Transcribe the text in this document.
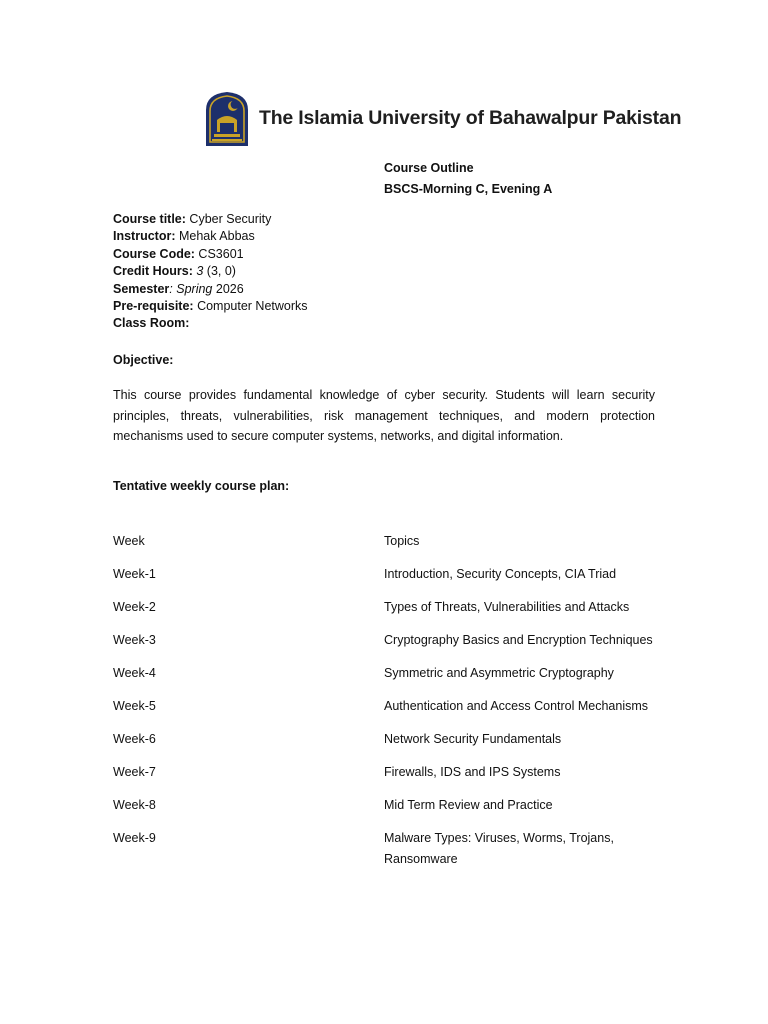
The Islamia University of Bahawalpur Pakistan
Course Outline
BSCS-Morning C, Evening A
Course title: Cyber Security
Instructor: Mehak Abbas
Course Code: CS3601
Credit Hours: 3 (3, 0)
Semester: Spring 2026
Pre-requisite: Computer Networks
Class Room:
Objective:
This course provides fundamental knowledge of cyber security. Students will learn security principles, threats, vulnerabilities, risk management techniques, and modern protection mechanisms used to secure computer systems, networks, and digital information.
Tentative weekly course plan:
Week	Topics
Week-1	Introduction, Security Concepts, CIA Triad
Week-2	Types of Threats, Vulnerabilities and Attacks
Week-3	Cryptography Basics and Encryption Techniques
Week-4	Symmetric and Asymmetric Cryptography
Week-5	Authentication and Access Control Mechanisms
Week-6	Network Security Fundamentals
Week-7	Firewalls, IDS and IPS Systems
Week-8	Mid Term Review and Practice
Week-9	Malware Types: Viruses, Worms, Trojans, Ransomware
